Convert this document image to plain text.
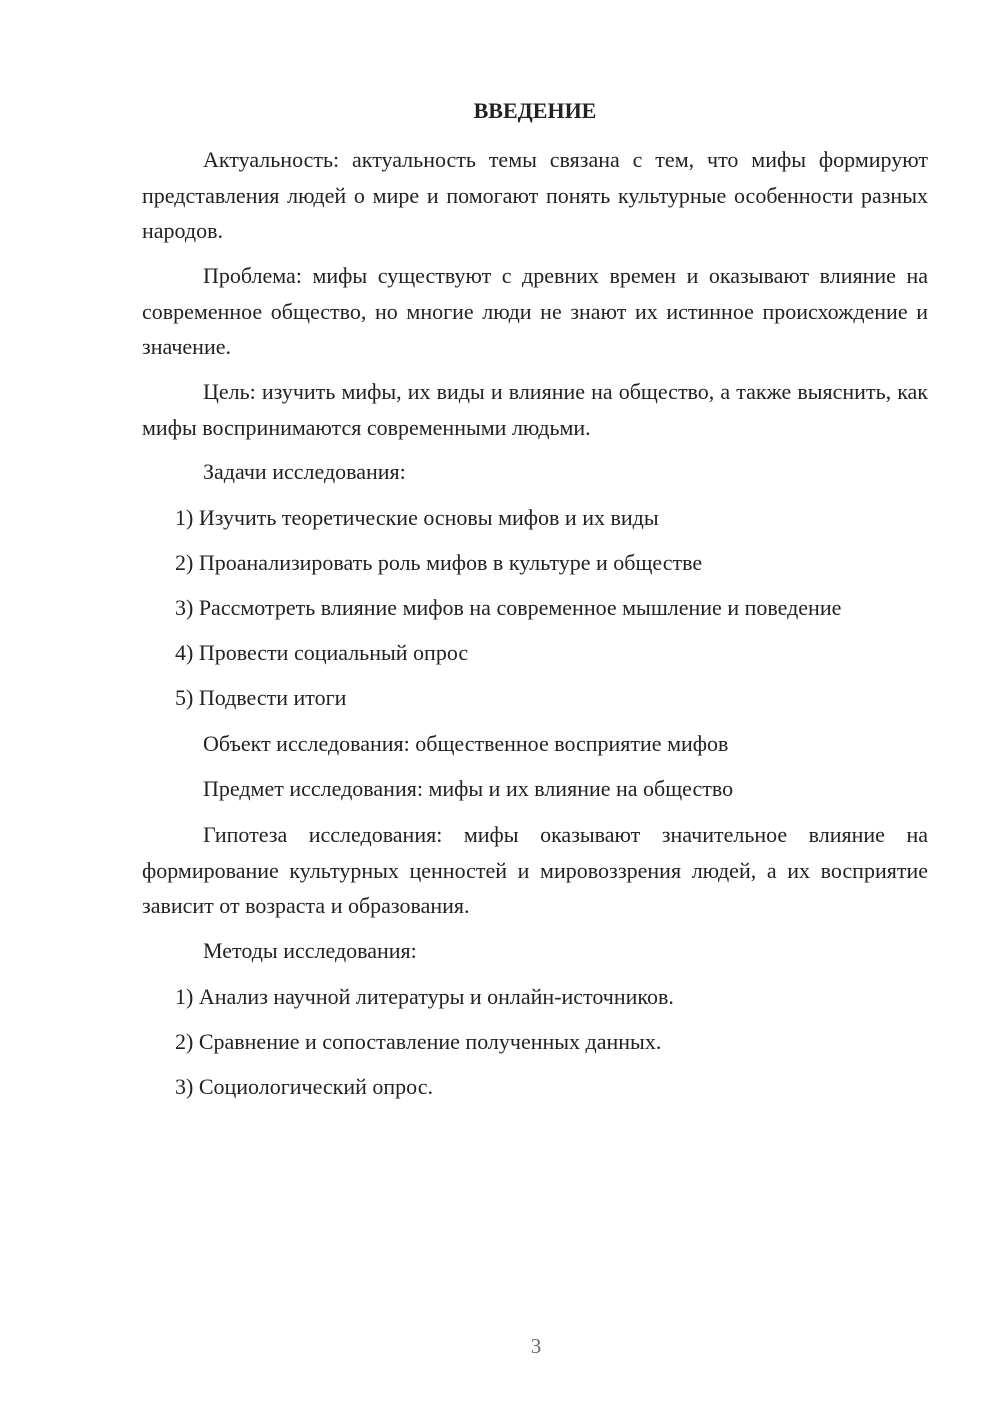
ВВЕДЕНИЕ

Актуальность: актуальность темы связана с тем, что мифы формируют представления людей о мире и помогают понять культурные особенности разных народов.

Проблема: мифы существуют с древних времен и оказывают влияние на современное общество, но многие люди не знают их истинное происхождение и значение.

Цель: изучить мифы, их виды и влияние на общество, а также выяснить, как мифы воспринимаются современными людьми.

Задачи исследования:

1) Изучить теоретические основы мифов и их виды

2) Проанализировать роль мифов в культуре и обществе

3) Рассмотреть влияние мифов на современное мышление и поведение

4) Провести социальный опрос

5) Подвести итоги

Объект исследования: общественное восприятие мифов

Предмет исследования: мифы и их влияние на общество

Гипотеза исследования: мифы оказывают значительное влияние на формирование культурных ценностей и мировоззрения людей, а их восприятие зависит от возраста и образования.

Методы исследования:

1) Анализ научной литературы и онлайн-источников.

2) Сравнение и сопоставление полученных данных.

3) Социологический опрос.

3
